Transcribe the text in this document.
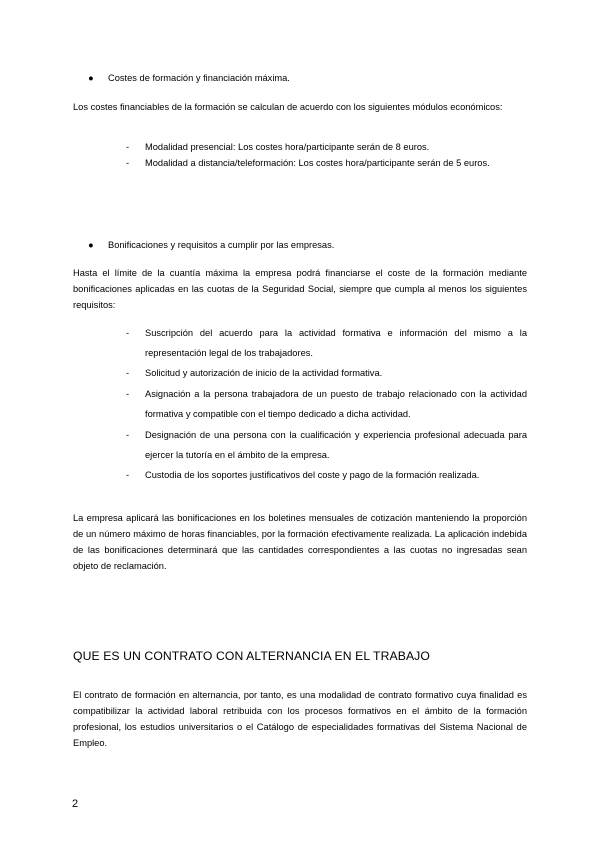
●	Costes de formación y financiación máxima.
Los costes financiables de la formación se calculan de acuerdo con los siguientes módulos económicos:
- Modalidad presencial: Los costes hora/participante serán de 8 euros.
- Modalidad a distancia/teleformación: Los costes hora/participante serán de 5 euros.
●	Bonificaciones y requisitos a cumplir por las empresas.
Hasta el límite de la cuantía máxima la empresa podrá financiarse el coste de la formación mediante bonificaciones aplicadas en las cuotas de la Seguridad Social, siempre que cumpla al menos los siguientes requisitos:
- Suscripción del acuerdo para la actividad formativa e información del mismo a la representación legal de los trabajadores.
- Solicitud y autorización de inicio de la actividad formativa.
- Asignación a la persona trabajadora de un puesto de trabajo relacionado con la actividad formativa y compatible con el tiempo dedicado a dicha actividad.
- Designación de una persona con la cualificación y experiencia profesional adecuada para ejercer la tutoría en el ámbito de la empresa.
- Custodia de los soportes justificativos del coste y pago de la formación realizada.
La empresa aplicará las bonificaciones en los boletines mensuales de cotización manteniendo la proporción de un número máximo de horas financiables, por la formación efectivamente realizada. La aplicación indebida de las bonificaciones determinará que las cantidades correspondientes a las cuotas no ingresadas sean objeto de reclamación.
QUE ES UN CONTRATO CON ALTERNANCIA EN EL TRABAJO
El contrato de formación en alternancia, por tanto, es una modalidad de contrato formativo cuya finalidad es compatibilizar la actividad laboral retribuida con los procesos formativos en el ámbito de la formación profesional, los estudios universitarios o el Catálogo de especialidades formativas del Sistema Nacional de Empleo.
2
